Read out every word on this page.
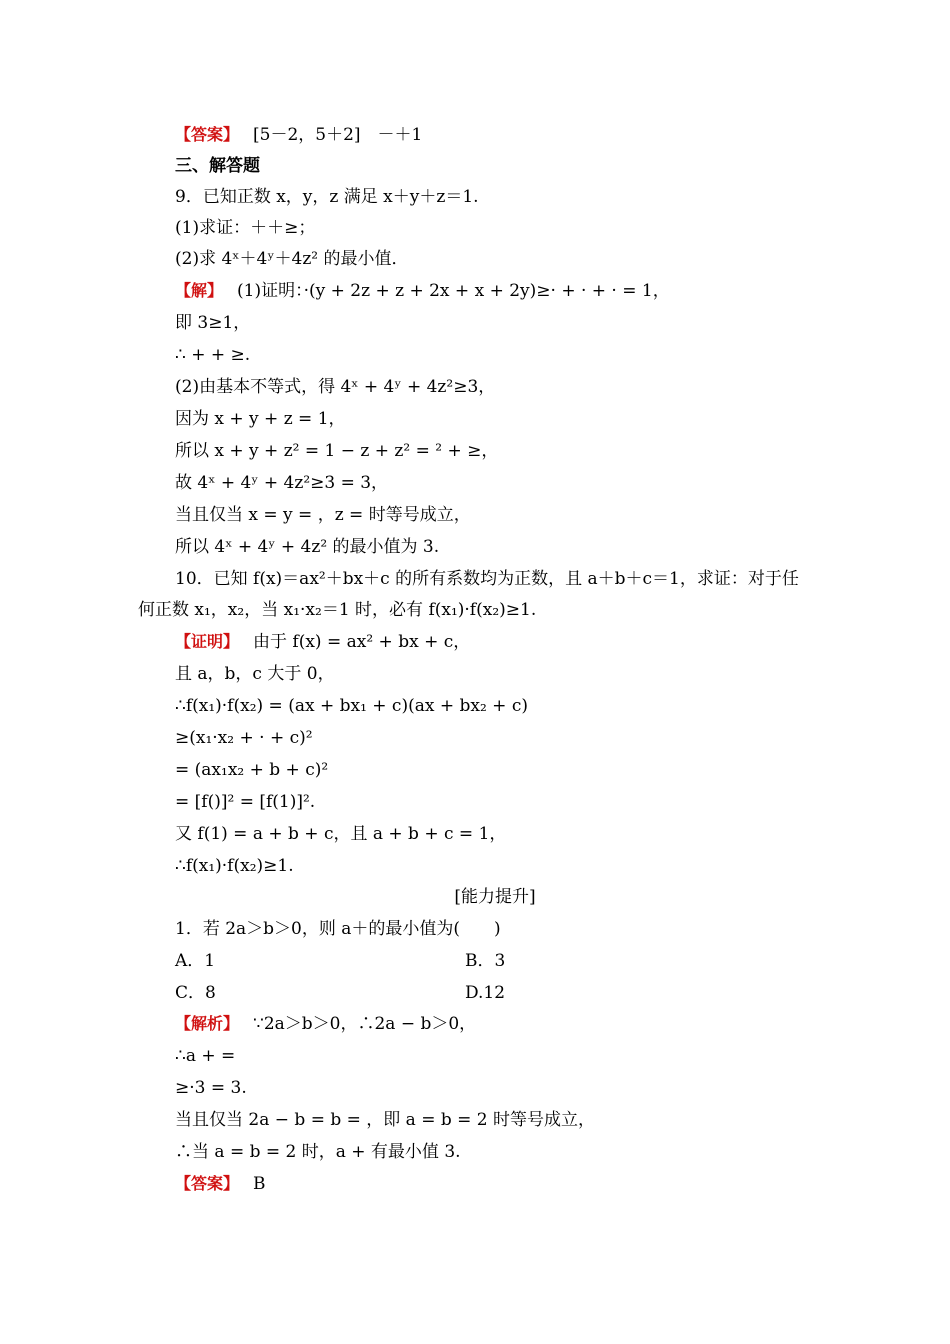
【答案】 [5－2，5＋2]　－＋1
三、解答题
9．已知正数 x，y，z 满足 x＋y＋z＝1.
(1)求证：＋＋≥；
(2)求 4ˣ＋4ʸ＋4z² 的最小值．
【解】 (1)证明：·(y + 2z + z + 2x + x + 2y)≥· + · + · = 1，
即 3≥1，
∴ + + ≥.
(2)由基本不等式，得 4ˣ + 4ʸ + 4z²≥3，
因为 x + y + z = 1，
所以 x + y + z² = 1 − z + z² = ² + ≥，
故 4ˣ + 4ʸ + 4z²≥3 = 3，
当且仅当 x = y = ，z = 时等号成立，
所以 4ˣ + 4ʸ + 4z² 的最小值为 3.
10．已知 f(x)＝ax²＋bx＋c 的所有系数均为正数，且 a＋b＋c＝1，求证：对于任
何正数 x₁，x₂，当 x₁·x₂＝1 时，必有 f(x₁)·f(x₂)≥1.
【证明】 由于 f(x) = ax² + bx + c，
且 a，b，c 大于 0，
∴f(x₁)·f(x₂) = (ax + bx₁ + c)(ax + bx₂ + c)
≥(x₁·x₂ + · + c)²
= (ax₁x₂ + b + c)²
= [f()]² = [f(1)]².
又 f(1) = a + b + c，且 a + b + c = 1，
∴f(x₁)·f(x₂)≥1.
[能力提升]
1．若 2a＞b＞0，则 a＋的最小值为(　　)
A．1	B．3
C．8	D.12
【解析】 ∵2a＞b＞0，∴2a − b＞0，
∴a + =
≥·3 = 3.
当且仅当 2a − b = b = ，即 a = b = 2 时等号成立，
∴当 a = b = 2 时，a + 有最小值 3.
【答案】 B
